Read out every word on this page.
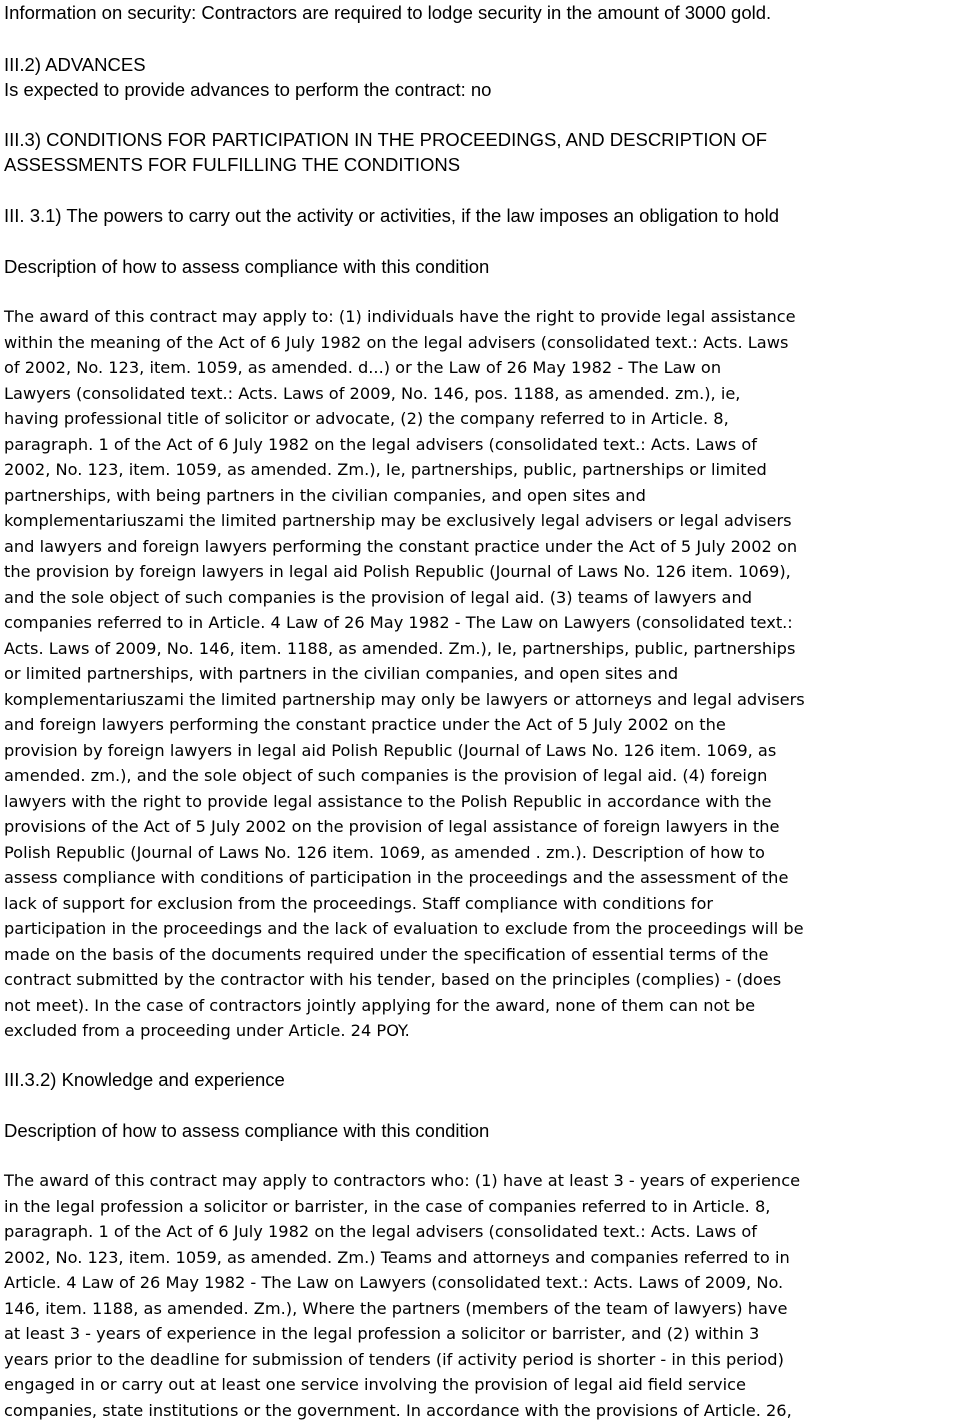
Information on security: Contractors are required to lodge security in the amount of 3000 gold.
III.2) ADVANCES
Is expected to provide advances to perform the contract: no
III.3) CONDITIONS FOR PARTICIPATION IN THE PROCEEDINGS, AND DESCRIPTION OF
ASSESSMENTS FOR FULFILLING THE CONDITIONS
III. 3.1) The powers to carry out the activity or activities, if the law imposes an obligation to hold
Description of how to assess compliance with this condition
The award of this contract may apply to: (1) individuals have the right to provide legal assistance
within the meaning of the Act of 6 July 1982 on the legal advisers (consolidated text.: Acts. Laws
of 2002, No. 123, item. 1059, as amended. d...) or the Law of 26 May 1982 - The Law on
Lawyers (consolidated text.: Acts. Laws of 2009, No. 146, pos. 1188, as amended. zm.), ie,
having professional title of solicitor or advocate, (2) the company referred to in Article. 8,
paragraph. 1 of the Act of 6 July 1982 on the legal advisers (consolidated text.: Acts. Laws of
2002, No. 123, item. 1059, as amended. Zm.), Ie, partnerships, public, partnerships or limited
partnerships, with being partners in the civilian companies, and open sites and
komplementariuszami the limited partnership may be exclusively legal advisers or legal advisers
and lawyers and foreign lawyers performing the constant practice under the Act of 5 July 2002 on
the provision by foreign lawyers in legal aid Polish Republic (Journal of Laws No. 126 item. 1069),
and the sole object of such companies is the provision of legal aid. (3) teams of lawyers and
companies referred to in Article. 4 Law of 26 May 1982 - The Law on Lawyers (consolidated text.:
Acts. Laws of 2009, No. 146, item. 1188, as amended. Zm.), Ie, partnerships, public, partnerships
or limited partnerships, with partners in the civilian companies, and open sites and
komplementariuszami the limited partnership may only be lawyers or attorneys and legal advisers
and foreign lawyers performing the constant practice under the Act of 5 July 2002 on the
provision by foreign lawyers in legal aid Polish Republic (Journal of Laws No. 126 item. 1069, as
amended. zm.), and the sole object of such companies is the provision of legal aid. (4) foreign
lawyers with the right to provide legal assistance to the Polish Republic in accordance with the
provisions of the Act of 5 July 2002 on the provision of legal assistance of foreign lawyers in the
Polish Republic (Journal of Laws No. 126 item. 1069, as amended . zm.). Description of how to
assess compliance with conditions of participation in the proceedings and the assessment of the
lack of support for exclusion from the proceedings. Staff compliance with conditions for
participation in the proceedings and the lack of evaluation to exclude from the proceedings will be
made on the basis of the documents required under the specification of essential terms of the
contract submitted by the contractor with his tender, based on the principles (complies) - (does
not meet). In the case of contractors jointly applying for the award, none of them can not be
excluded from a proceeding under Article. 24 POY.
III.3.2) Knowledge and experience
Description of how to assess compliance with this condition
The award of this contract may apply to contractors who: (1) have at least 3 - years of experience
in the legal profession a solicitor or barrister, in the case of companies referred to in Article. 8,
paragraph. 1 of the Act of 6 July 1982 on the legal advisers (consolidated text.: Acts. Laws of
2002, No. 123, item. 1059, as amended. Zm.) Teams and attorneys and companies referred to in
Article. 4 Law of 26 May 1982 - The Law on Lawyers (consolidated text.: Acts. Laws of 2009, No.
146, item. 1188, as amended. Zm.), Where the partners (members of the team of lawyers) have
at least 3 - years of experience in the legal profession a solicitor or barrister, and (2) within 3
years prior to the deadline for submission of tenders (if activity period is shorter - in this period)
engaged in or carry out at least one service involving the provision of legal aid field service
companies, state institutions or the government. In accordance with the provisions of Article. 26,
